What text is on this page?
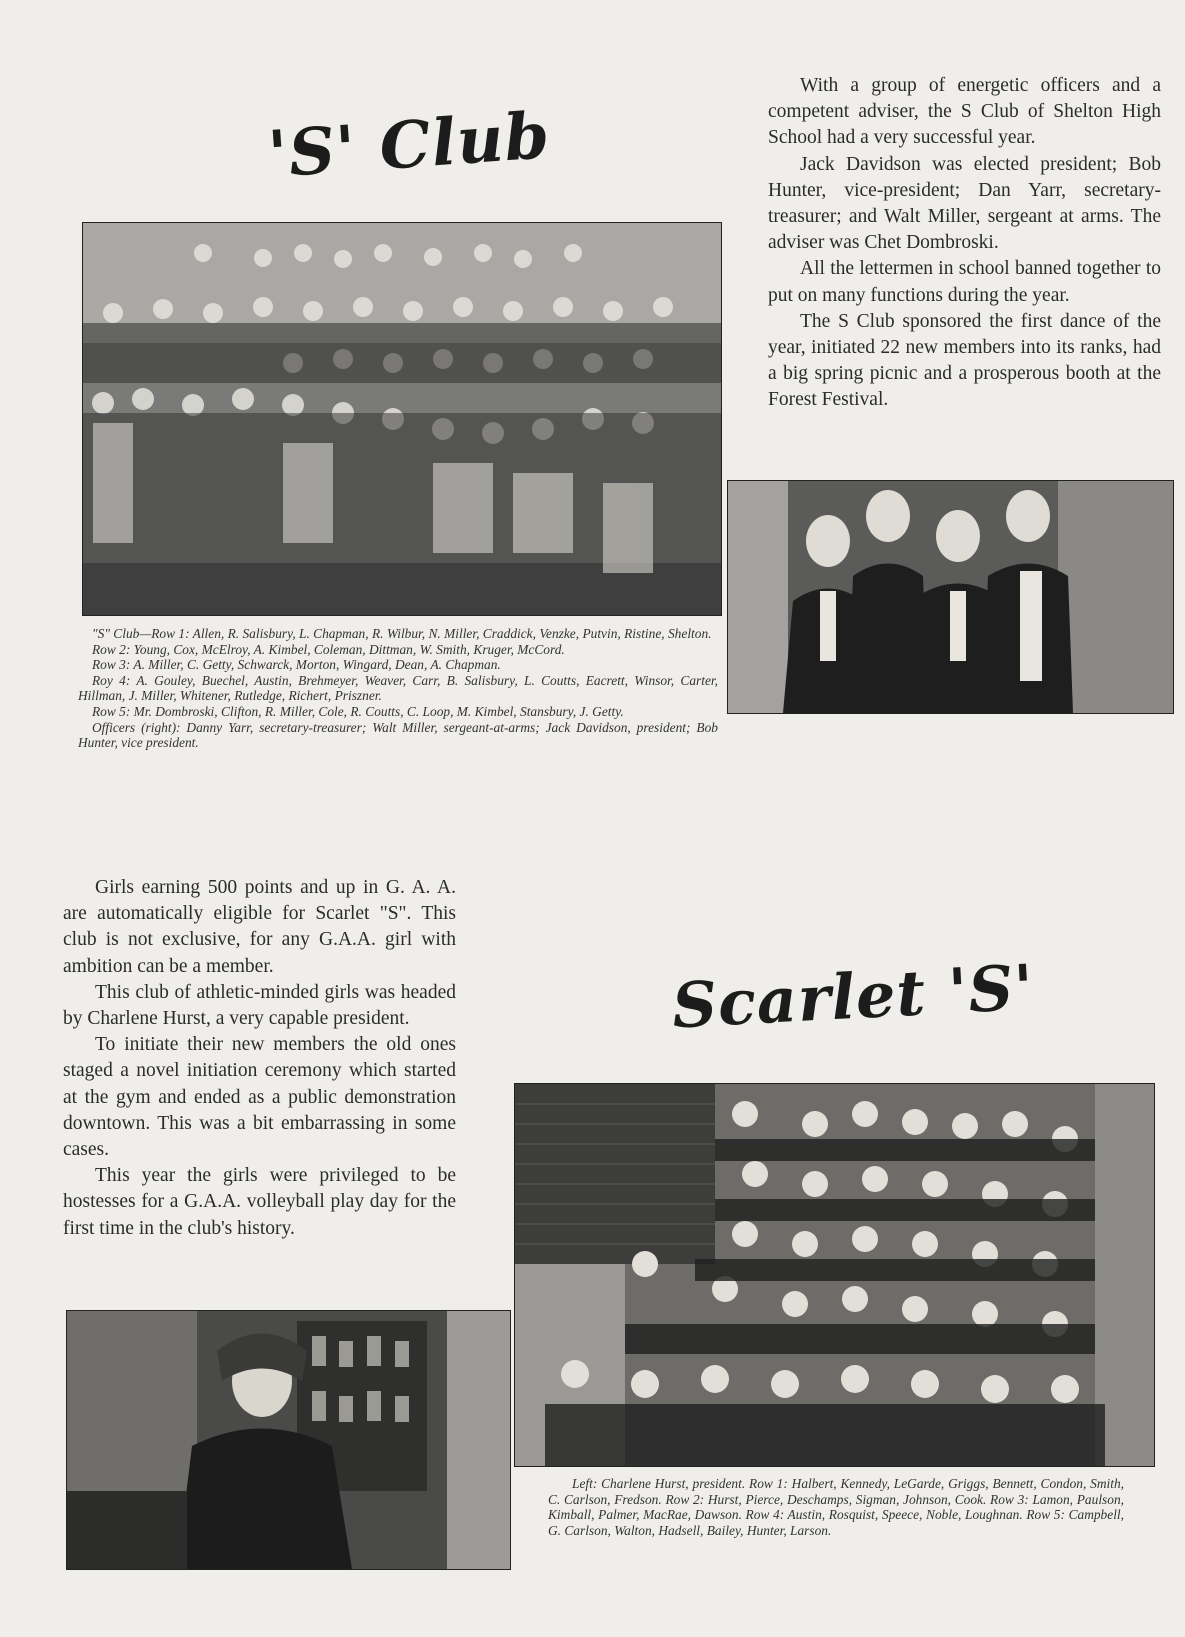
'S' Club

With a group of energetic officers and a competent adviser, the S Club of Shelton High School had a very successful year.

Jack Davidson was elected president; Bob Hunter, vice-president; Dan Yarr, secretary-treasurer; and Walt Miller, sergeant at arms. The adviser was Chet Dombroski.

All the lettermen in school banned together to put on many functions during the year.

The S Club sponsored the first dance of the year, initiated 22 new members into its ranks, had a big spring picnic and a prosperous booth at the Forest Festival.

"S" Club—Row 1: Allen, R. Salisbury, L. Chapman, R. Wilbur, N. Miller, Craddick, Venzke, Putvin, Ristine, Shelton.

Row 2: Young, Cox, McElroy, A. Kimbel, Coleman, Dittman, W. Smith, Kruger, McCord.

Row 3: A. Miller, C. Getty, Schwarck, Morton, Wingard, Dean, A. Chapman.

Roy 4: A. Gouley, Buechel, Austin, Brehmeyer, Weaver, Carr, B. Salisbury, L. Coutts, Eacrett, Winsor, Carter, Hillman, J. Miller, Whitener, Rutledge, Richert, Priszner.

Row 5: Mr. Dombroski, Clifton, R. Miller, Cole, R. Coutts, C. Loop, M. Kimbel, Stansbury, J. Getty.

Officers (right): Danny Yarr, secretary-treasurer; Walt Miller, sergeant-at-arms; Jack Davidson, president; Bob Hunter, vice president.

Girls earning 500 points and up in G. A. A. are automatically eligible for Scarlet "S". This club is not exclusive, for any G.A.A. girl with ambition can be a member.

This club of athletic-minded girls was headed by Charlene Hurst, a very capable president.

To initiate their new members the old ones staged a novel initiation ceremony which started at the gym and ended as a public demonstration downtown. This was a bit embarrassing in some cases.

This year the girls were privileged to be hostesses for a G.A.A. volleyball play day for the first time in the club's history.

Scarlet 'S'
Left: Charlene Hurst, president. Row 1: Halbert, Kennedy, LeGarde, Griggs, Bennett, Condon, Smith, C. Carlson, Fredson. Row 2: Hurst, Pierce, Deschamps, Sigman, Johnson, Cook. Row 3: Lamon, Paulson, Kimball, Palmer, MacRae, Dawson. Row 4: Austin, Rosquist, Speece, Noble, Loughnan. Row 5: Campbell, G. Carlson, Walton, Hadsell, Bailey, Hunter, Larson.
